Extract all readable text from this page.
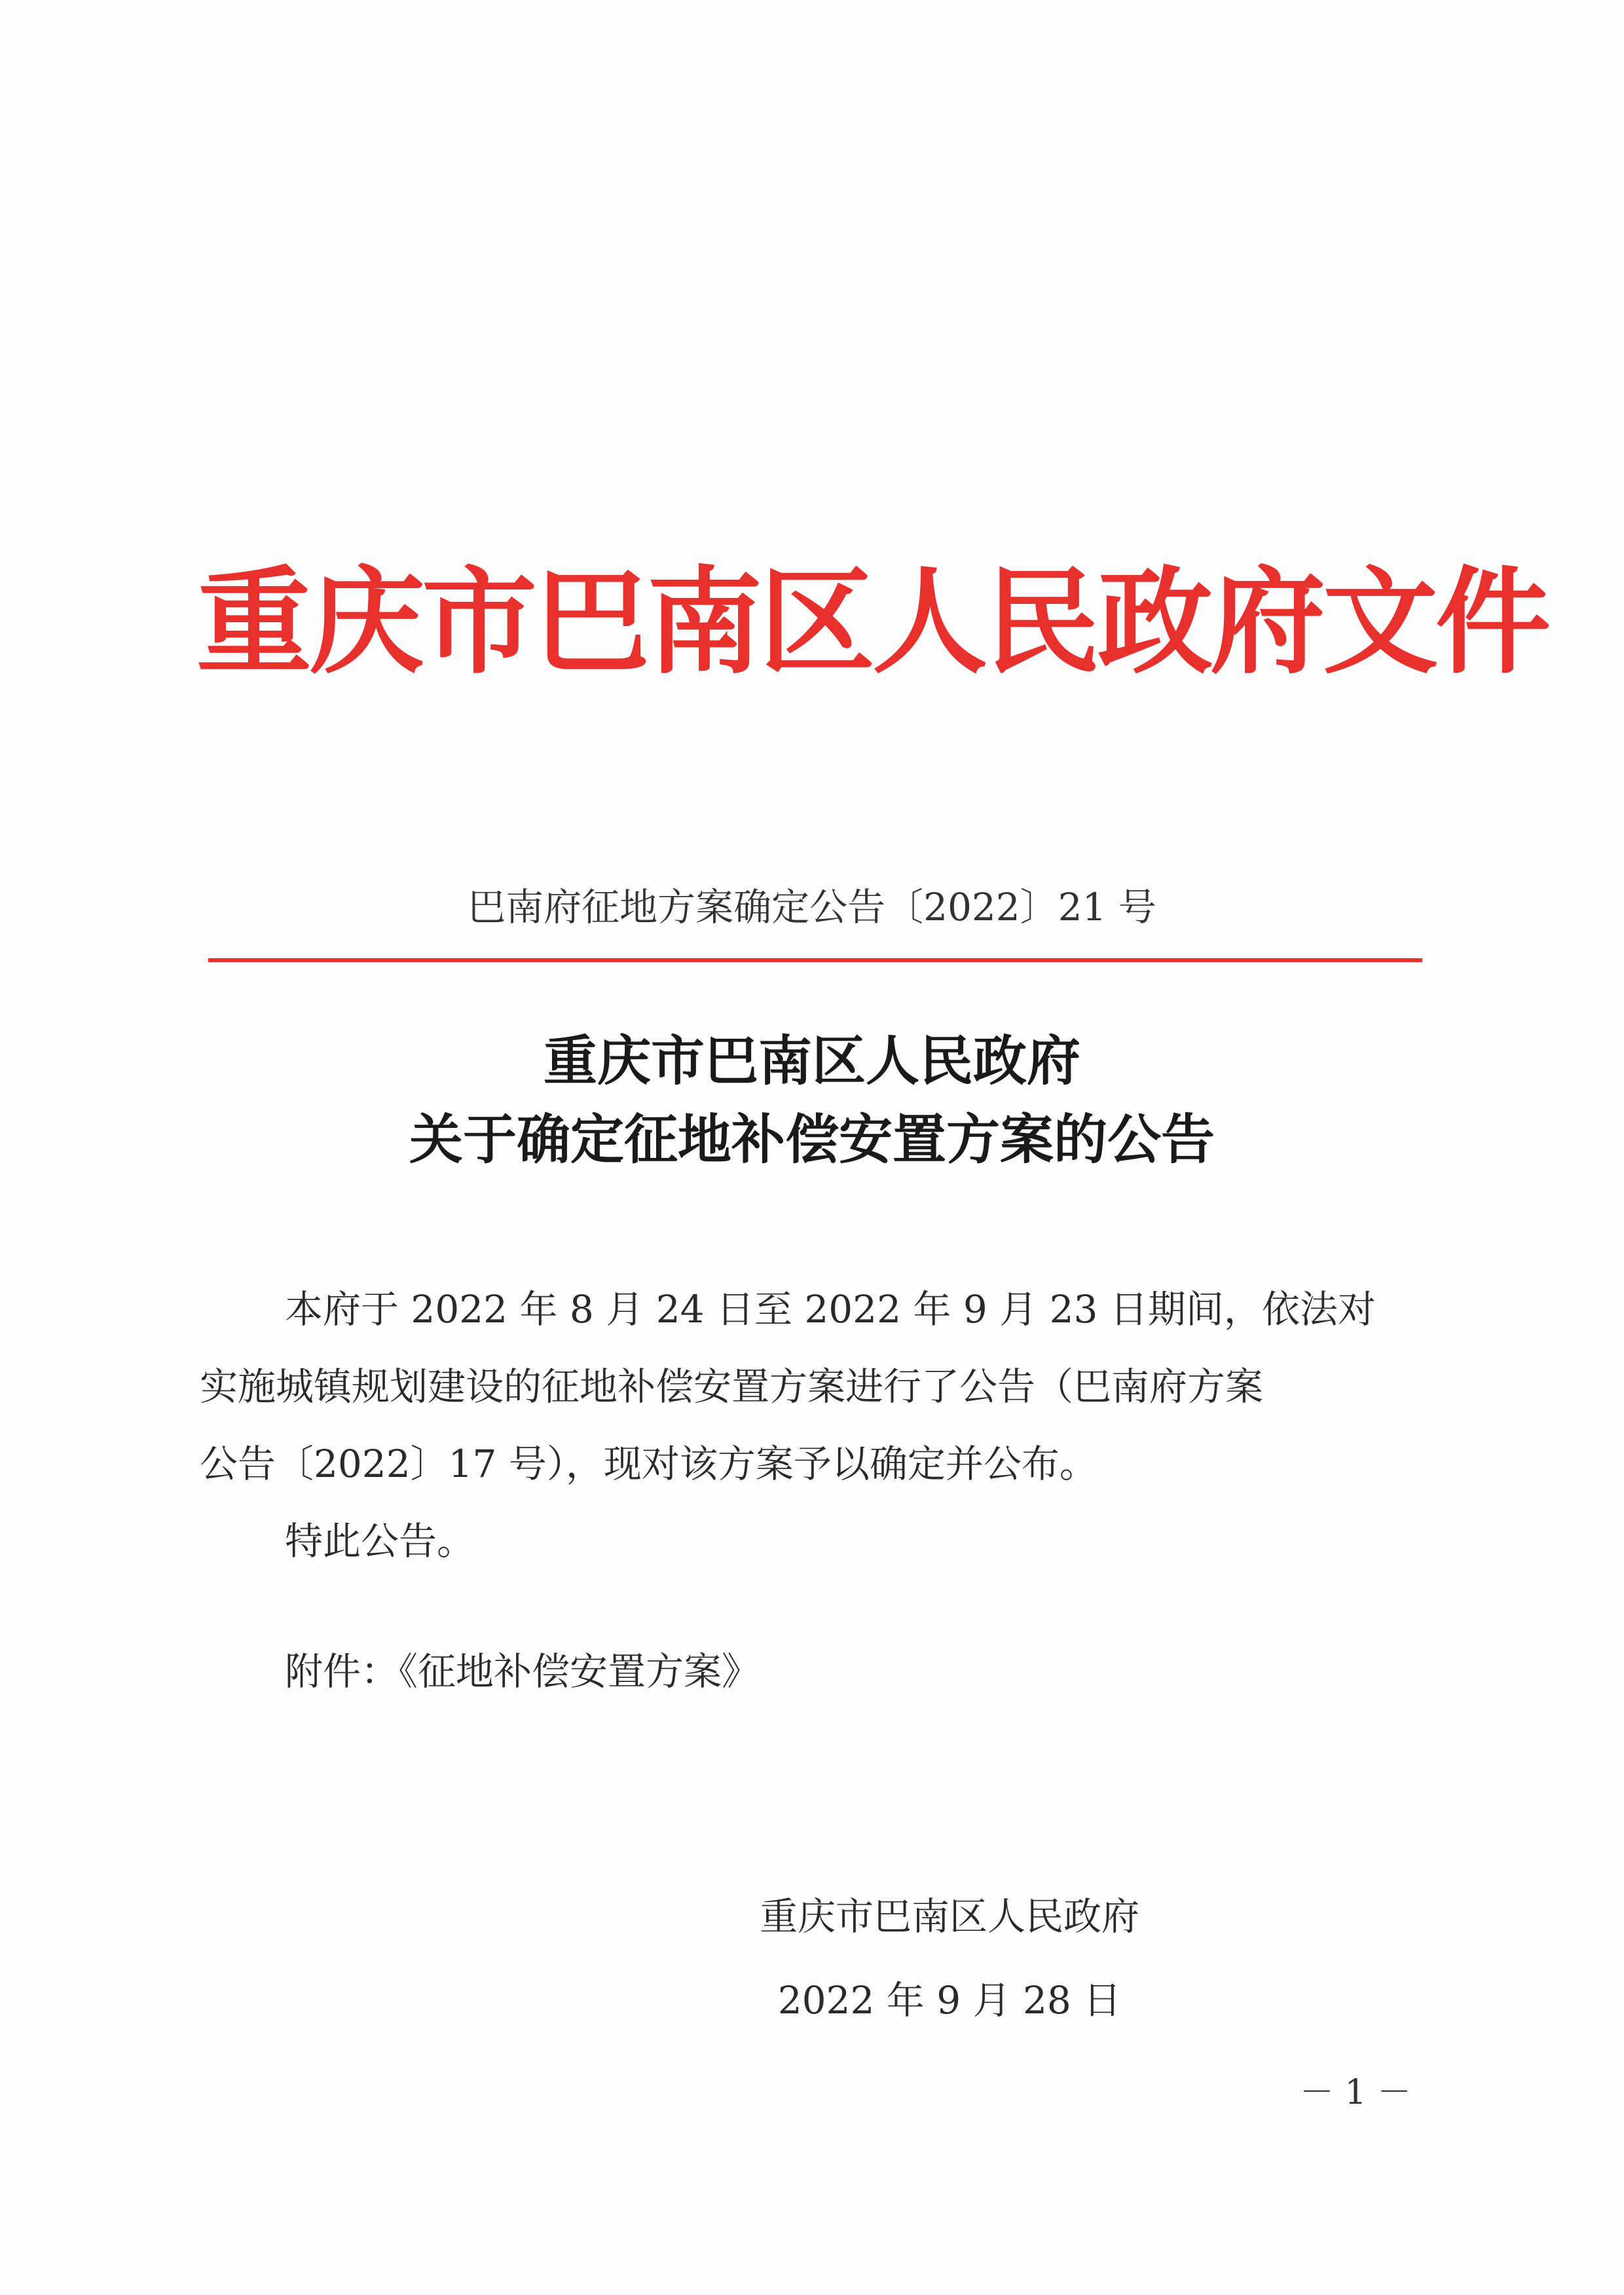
重庆市巴南区人民政府文件
巴南府征地方案确定公告〔2022〕21 号
重庆市巴南区人民政府
关于确定征地补偿安置方案的公告
本府于 2022 年 8 月 24 日至 2022 年 9 月 23 日期间，依法对
实施城镇规划建设的征地补偿安置方案进行了公告（巴南府方案
公告〔2022〕17 号），现对该方案予以确定并公布。
特此公告。
附件：《征地补偿安置方案》
重庆市巴南区人民政府
2022 年 9 月 28 日
－ 1 －
